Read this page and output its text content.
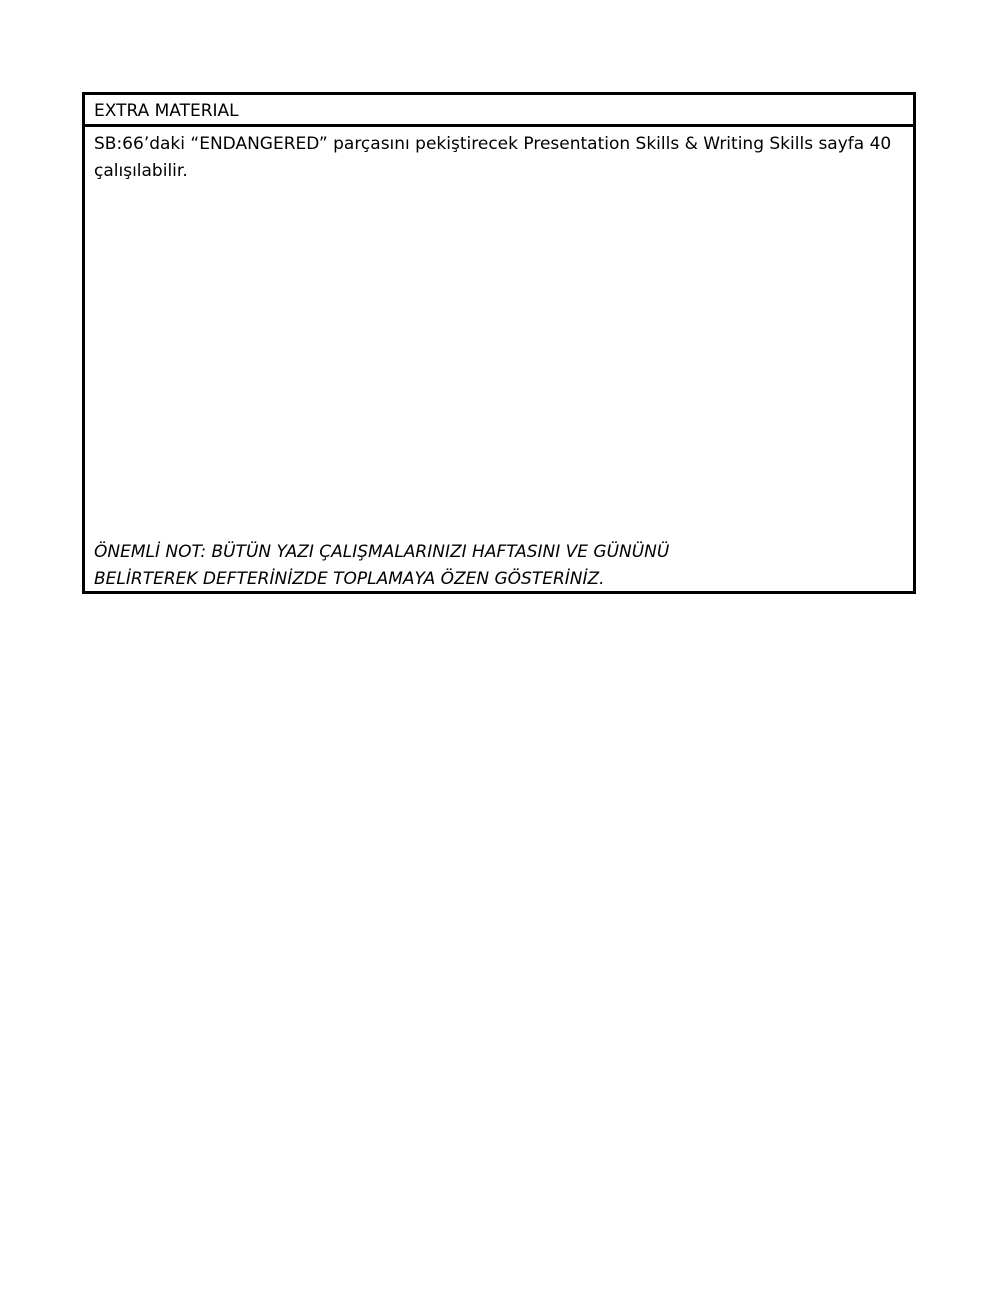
EXTRA MATERIAL

SB:66’daki “ENDANGERED” parçasını pekiştirecek Presentation Skills & Writing Skills sayfa 40 çalışılabilir.

ÖNEMLİ NOT: BÜTÜN YAZI ÇALIŞMALARINIZI HAFTASINI VE GÜNÜNÜ
BELİRTEREK DEFTERİNİZDE TOPLAMAYA ÖZEN GÖSTERİNİZ.
